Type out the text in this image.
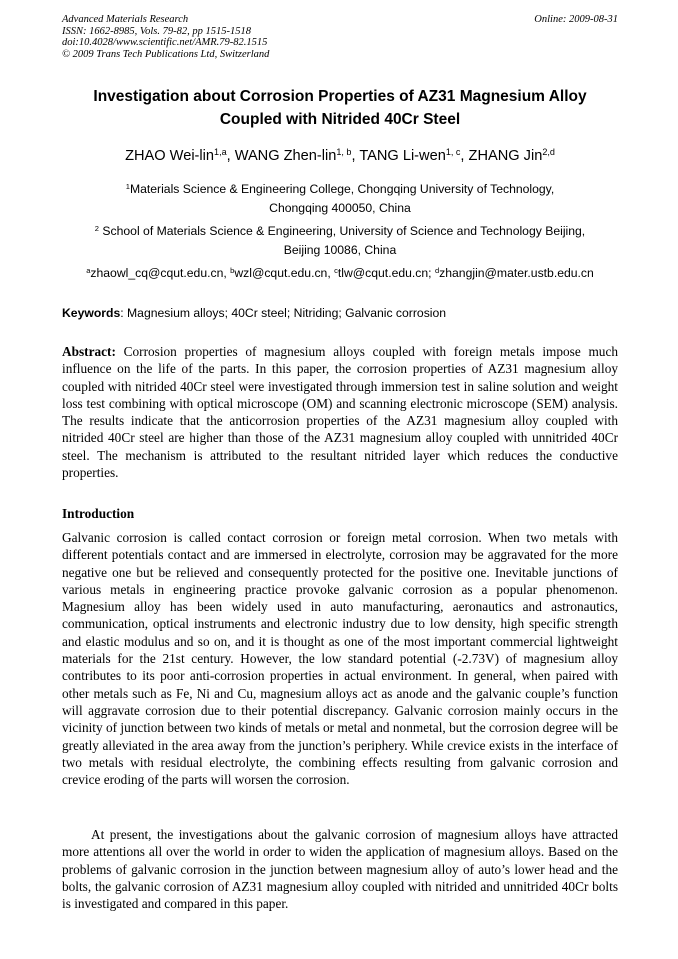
Advanced Materials Research
ISSN: 1662-8985, Vols. 79-82, pp 1515-1518
doi:10.4028/www.scientific.net/AMR.79-82.1515
© 2009 Trans Tech Publications Ltd, Switzerland
Online: 2009-08-31
Investigation about Corrosion Properties of AZ31 Magnesium Alloy
Coupled with Nitrided 40Cr Steel
ZHAO Wei-lin$^{1,a}$, WANG Zhen-lin$^{1, b}$, TANG Li-wen$^{1, c}$, ZHANG Jin$^{2,d}$
$^1$Materials Science & Engineering College, Chongqing University of Technology,
Chongqing 400050, China
$^2$ School of Materials Science & Engineering, University of Science and Technology Beijing,
Beijing 10086, China
$^a$zhaowl_cq@cqut.edu.cn, $^b$wzl@cqut.edu.cn, $^c$tlw@cqut.edu.cn; $^d$zhangjin@mater.ustb.edu.cn
Keywords: Magnesium alloys; 40Cr steel; Nitriding; Galvanic corrosion
Abstract: Corrosion properties of magnesium alloys coupled with foreign metals impose much influence on the life of the parts. In this paper, the corrosion properties of AZ31 magnesium alloy coupled with nitrided 40Cr steel were investigated through immersion test in saline solution and weight loss test combining with optical microscope (OM) and scanning electronic microscope (SEM) analysis. The results indicate that the anticorrosion properties of the AZ31 magnesium alloy coupled with nitrided 40Cr steel are higher than those of the AZ31 magnesium alloy coupled with unnitrided 40Cr steel. The mechanism is attributed to the resultant nitrided layer which reduces the conductive properties.
Introduction
Galvanic corrosion is called contact corrosion or foreign metal corrosion. When two metals with different potentials contact and are immersed in electrolyte, corrosion may be aggravated for the more negative one but be relieved and consequently protected for the positive one. Inevitable junctions of various metals in engineering practice provoke galvanic corrosion as a popular phenomenon. Magnesium alloy has been widely used in auto manufacturing, aeronautics and astronautics, communication, optical instruments and electronic industry due to low density, high specific strength and elastic modulus and so on, and it is thought as one of the most important commercial lightweight materials for the 21st century. However, the low standard potential (-2.73V) of magnesium alloy contributes to its poor anti-corrosion properties in actual environment. In general, when paired with other metals such as Fe, Ni and Cu, magnesium alloys act as anode and the galvanic couple’s function will aggravate corrosion due to their potential discrepancy. Galvanic corrosion mainly occurs in the vicinity of junction between two kinds of metals or metal and nonmetal, but the corrosion degree will be greatly alleviated in the area away from the junction’s periphery. While crevice exists in the interface of two metals with residual electrolyte, the combining effects resulting from galvanic corrosion and crevice eroding of the parts will worsen the corrosion.
At present, the investigations about the galvanic corrosion of magnesium alloys have attracted more attentions all over the world in order to widen the application of magnesium alloys. Based on the problems of galvanic corrosion in the junction between magnesium alloy of auto’s lower head and the bolts, the galvanic corrosion of AZ31 magnesium alloy coupled with nitrided and unnitrided 40Cr bolts is investigated and compared in this paper.
